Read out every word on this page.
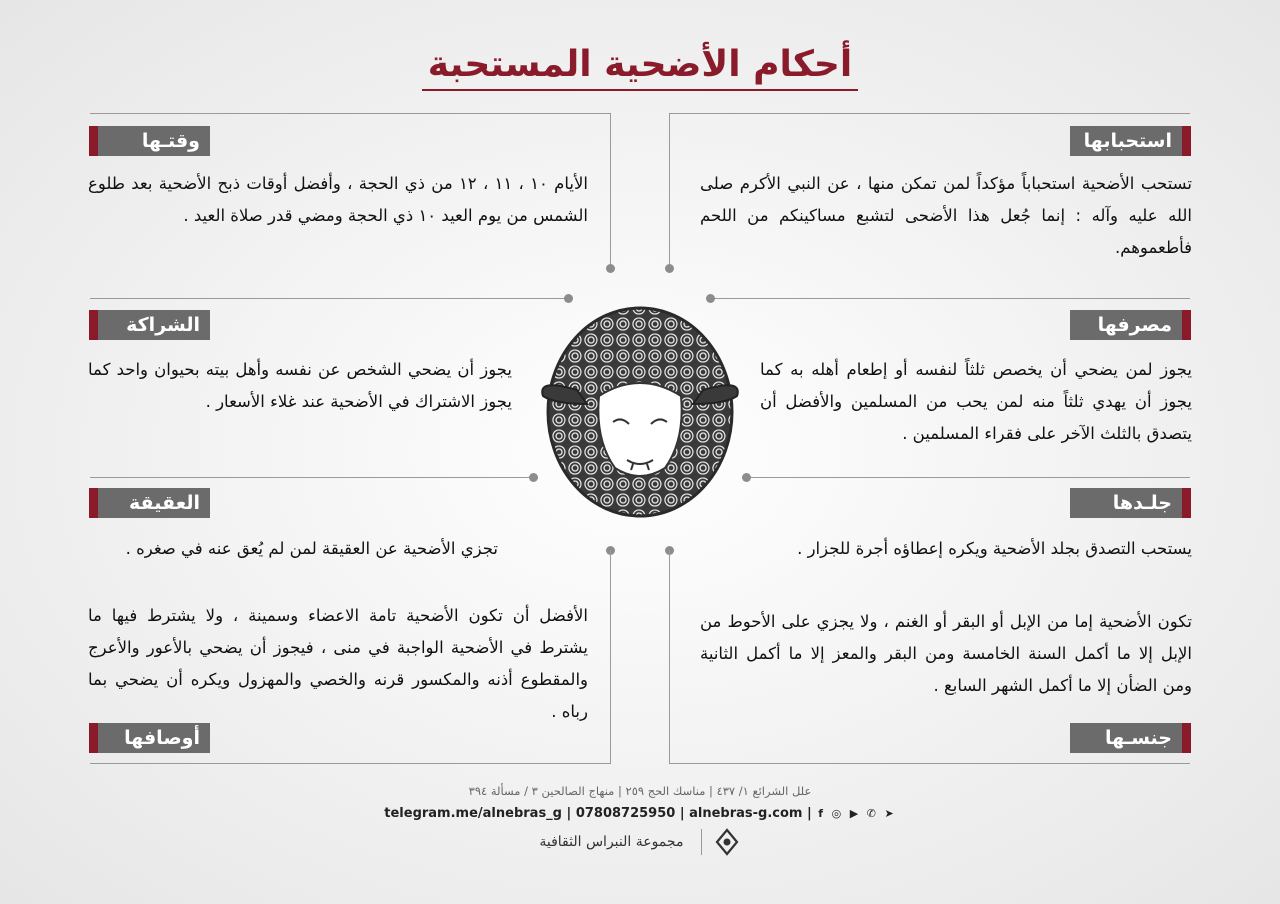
أحكام الأضحية المستحبة
استحبابها
وقتـها
مصرفها
الشراكة
جلـدها
العقيقة
جنسـها
أوصافها
تستحب الأضحية استحباباً مؤكداً لمن تمكن منها ، عن النبي الأكرم صلى الله عليه وآله : إنما جُعل هذا الأضحى لتشبع مساكينكم من اللحم فأطعموهم.
الأيام ١٠ ، ١١ ، ١٢ من ذي الحجة ، وأفضل أوقات ذبح الأضحية بعد طلوع الشمس من يوم العيد ١٠ ذي الحجة ومضي قدر صلاة العيد .
يجوز لمن يضحي أن يخصص ثلثاً لنفسه أو إطعام أهله به كما يجوز أن يهدي ثلثاً منه لمن يحب من المسلمين والأفضل أن يتصدق بالثلث الآخر على فقراء المسلمين .
يجوز أن يضحي الشخص عن نفسه وأهل بيته بحيوان واحد كما يجوز الاشتراك في الأضحية عند غلاء الأسعار .
يستحب التصدق بجلد الأضحية ويكره إعطاؤه أجرة للجزار .
تجزي الأضحية عن العقيقة لمن لم يُعق عنه في صغره .
تكون الأضحية إما من الإبل أو البقر أو الغنم ، ولا يجزي على الأحوط من الإبل إلا ما أكمل السنة الخامسة ومن البقر والمعز إلا ما أكمل الثانية ومن الضأن إلا ما أكمل الشهر السابع .
الأفضل أن تكون الأضحية تامة الاعضاء وسمينة ، ولا يشترط فيها ما يشترط في الأضحية الواجبة في منى ، فيجوز أن يضحي بالأعور والأعرج والمقطوع أذنه والمكسور قرنه والخصي والمهزول ويكره أن يضحي بما رباه .
علل الشرائع ١/ ٤٣٧ | مناسك الحج ٢٥٩ | منهاج الصالحين ٣ / مسألة ٣٩٤
telegram.me/alnebras_g | 07808725950 | alnebras-g.com | f ◎ ▶ ✆ ➤
مجموعة النبراس الثقافية
